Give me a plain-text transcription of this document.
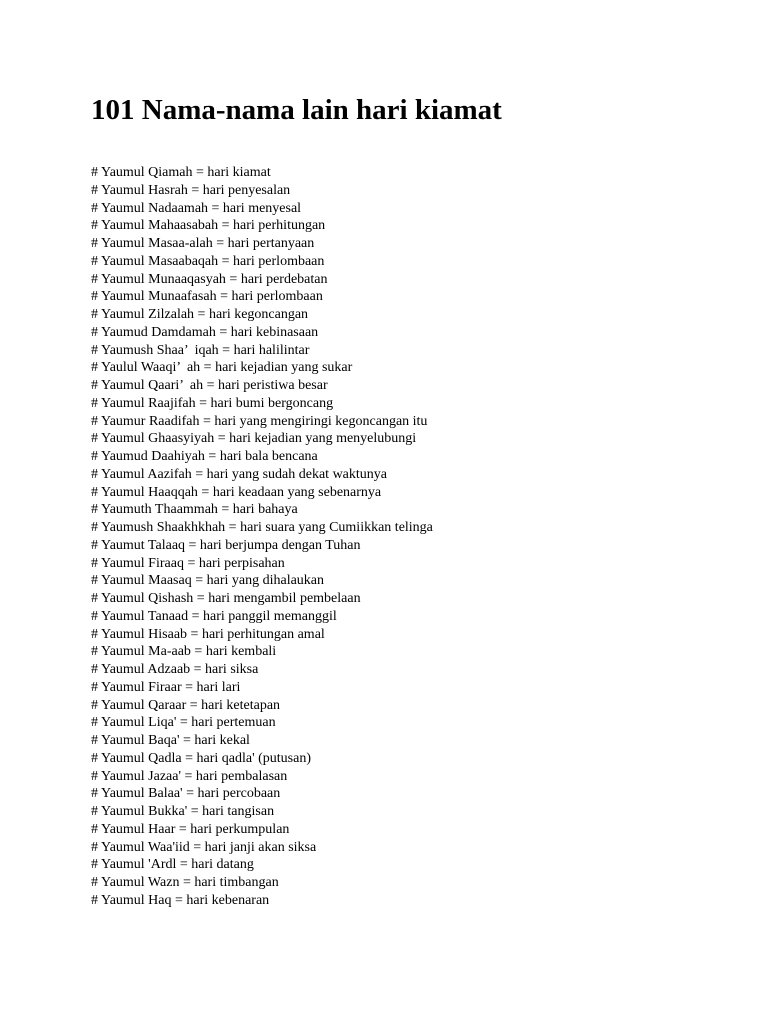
101 Nama-nama lain hari kiamat
# Yaumul Qiamah = hari kiamat
# Yaumul Hasrah = hari penyesalan
# Yaumul Nadaamah = hari menyesal
# Yaumul Mahaasabah = hari perhitungan
# Yaumul Masaa-alah = hari pertanyaan
# Yaumul Masaabaqah = hari perlombaan
# Yaumul Munaaqasyah = hari perdebatan
# Yaumul Munaafasah = hari perlombaan
# Yaumul Zilzalah = hari kegoncangan
# Yaumud Damdamah = hari kebinasaan
# Yaumush Shaa’  iqah = hari halilintar
# Yaulul Waaqi’  ah = hari kejadian yang sukar
# Yaumul Qaari’  ah = hari peristiwa besar
# Yaumul Raajifah = hari bumi bergoncang
# Yaumur Raadifah = hari yang mengiringi kegoncangan itu
# Yaumul Ghaasyiyah = hari kejadian yang menyelubungi
# Yaumud Daahiyah = hari bala bencana
# Yaumul Aazifah = hari yang sudah dekat waktunya
# Yaumul Haaqqah = hari keadaan yang sebenarnya
# Yaumuth Thaammah = hari bahaya
# Yaumush Shaakhkhah = hari suara yang Cumiikkan telinga
# Yaumut Talaaq = hari berjumpa dengan Tuhan
# Yaumul Firaaq = hari perpisahan
# Yaumul Maasaq = hari yang dihalaukan
# Yaumul Qishash = hari mengambil pembelaan
# Yaumul Tanaad = hari panggil memanggil
# Yaumul Hisaab = hari perhitungan amal
# Yaumul Ma-aab = hari kembali
# Yaumul Adzaab = hari siksa
# Yaumul Firaar = hari lari
# Yaumul Qaraar = hari ketetapan
# Yaumul Liqa' = hari pertemuan
# Yaumul Baqa' = hari kekal
# Yaumul Qadla = hari qadla' (putusan)
# Yaumul Jazaa' = hari pembalasan
# Yaumul Balaa' = hari percobaan
# Yaumul Bukka' = hari tangisan
# Yaumul Haar = hari perkumpulan
# Yaumul Waa'iid = hari janji akan siksa
# Yaumul 'Ardl = hari datang
# Yaumul Wazn = hari timbangan
# Yaumul Haq = hari kebenaran
